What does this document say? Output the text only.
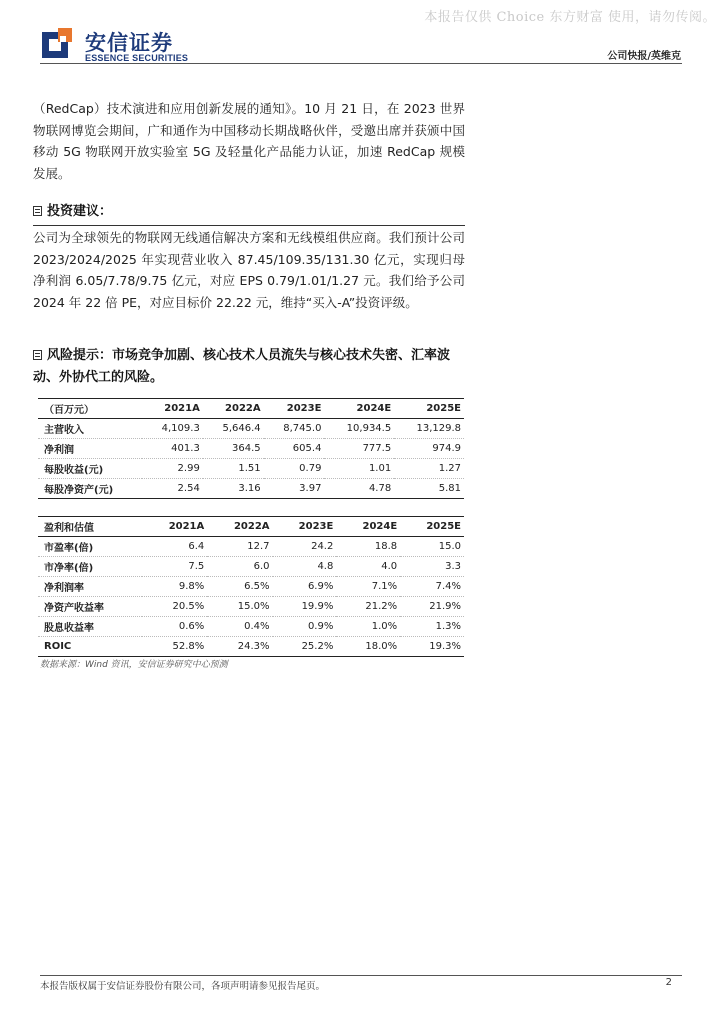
本报告仅供 Choice 东方财富 使用，请勿传阅。
安信证券
ESSENCE SECURITIES	公司快报/英维克
（RedCap）技术演进和应用创新发展的通知》。10 月 21 日，在 2023 世界物联网博览会期间，广和通作为中国移动长期战略伙伴，受邀出席并获颁中国移动 5G 物联网开放实验室 5G 及轻量化产品能力认证，加速 RedCap 规模发展。
投资建议：
公司为全球领先的物联网无线通信解决方案和无线模组供应商。我们预计公司 2023/2024/2025 年实现营业收入 87.45/109.35/131.30 亿元，实现归母净利润 6.05/7.78/9.75 亿元，对应 EPS 0.79/1.01/1.27 元。我们给予公司 2024 年 22 倍 PE，对应目标价 22.22 元，维持“买入-A”投资评级。
风险提示：市场竞争加剧、核心技术人员流失与核心技术失密、汇率波动、外协代工的风险。
（百万元）	2021A	2022A	2023E	2024E	2025E
主营收入	4,109.3	5,646.4	8,745.0	10,934.5	13,129.8
净利润	401.3	364.5	605.4	777.5	974.9
每股收益(元)	2.99	1.51	0.79	1.01	1.27
每股净资产(元)	2.54	3.16	3.97	4.78	5.81
盈利和估值	2021A	2022A	2023E	2024E	2025E
市盈率(倍)	6.4	12.7	24.2	18.8	15.0
市净率(倍)	7.5	6.0	4.8	4.0	3.3
净利润率	9.8%	6.5%	6.9%	7.1%	7.4%
净资产收益率	20.5%	15.0%	19.9%	21.2%	21.9%
股息收益率	0.6%	0.4%	0.9%	1.0%	1.3%
ROIC	52.8%	24.3%	25.2%	18.0%	19.3%
数据来源：Wind 资讯，安信证券研究中心预测
本报告版权属于安信证券股份有限公司，各项声明请参见报告尾页。	2
